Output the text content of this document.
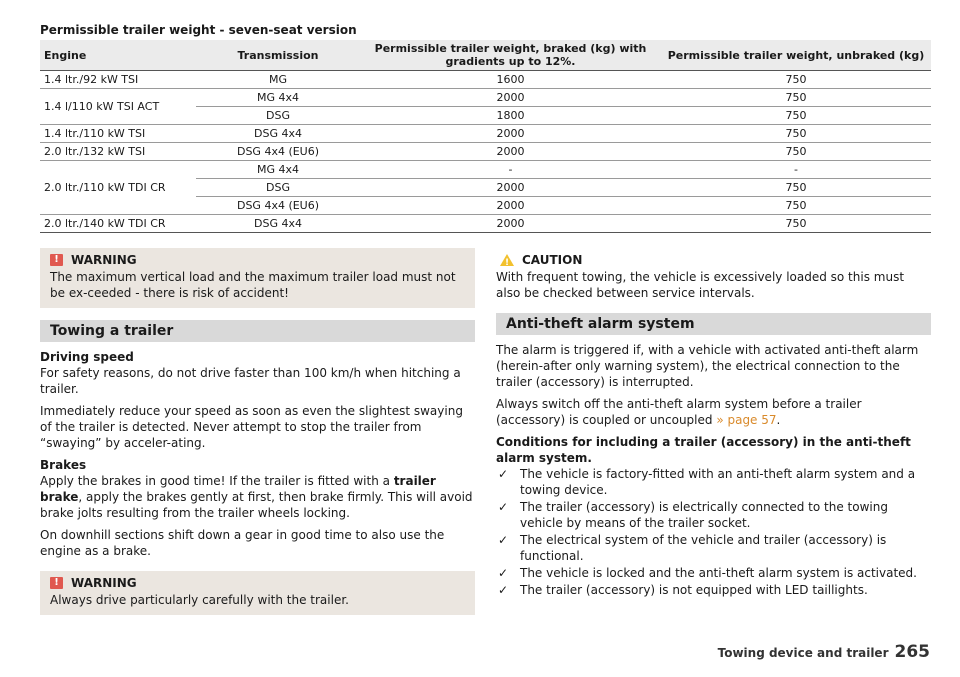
Permissible trailer weight - seven-seat version
Engine	Transmission	Permissible trailer weight, braked (kg) with gradients up to 12%.	Permissible trailer weight, unbraked (kg)
1.4 ltr./92 kW TSI	MG	1600	750
1.4 l/110 kW TSI ACT	MG 4x4	2000	750
	DSG	1800	750
1.4 ltr./110 kW TSI	DSG 4x4	2000	750
2.0 ltr./132 kW TSI	DSG 4x4 (EU6)	2000	750
2.0 ltr./110 kW TDI CR	MG 4x4	-	-
	DSG	2000	750
	DSG 4x4 (EU6)	2000	750
2.0 ltr./140 kW TDI CR	DSG 4x4	2000	750
!	WARNING
The maximum vertical load and the maximum trailer load must not be ex-ceeded - there is risk of accident!
Towing a trailer
Driving speed

For safety reasons, do not drive faster than 100 km/h when hitching a trailer.

Immediately reduce your speed as soon as even the slightest swaying of the trailer is detected. Never attempt to stop the trailer from “swaying” by acceler-ating.

Brakes

Apply the brakes in good time! If the trailer is fitted with a trailer brake, apply the brakes gently at first, then brake firmly. This will avoid brake jolts resulting from the trailer wheels locking.

On downhill sections shift down a gear in good time to also use the engine as a brake.

!	WARNING
Always drive particularly carefully with the trailer.
! CAUTION
With frequent towing, the vehicle is excessively loaded so this must also be checked between service intervals.
Anti-theft alarm system

The alarm is triggered if, with a vehicle with activated anti-theft alarm (herein-after only warning system), the electrical connection to the trailer (accessory) is interrupted.

Always switch off the anti-theft alarm system before a trailer (accessory) is coupled or uncoupled » page 57.

Conditions for including a trailer (accessory) in the anti-theft alarm system.
✓ The vehicle is factory-fitted with an anti-theft alarm system and a towing device.
✓ The trailer (accessory) is electrically connected to the towing vehicle by means of the trailer socket.
✓ The electrical system of the vehicle and trailer (accessory) is functional.
✓ The vehicle is locked and the anti-theft alarm system is activated.
✓ The trailer (accessory) is not equipped with LED taillights.
Towing device and trailer 265
